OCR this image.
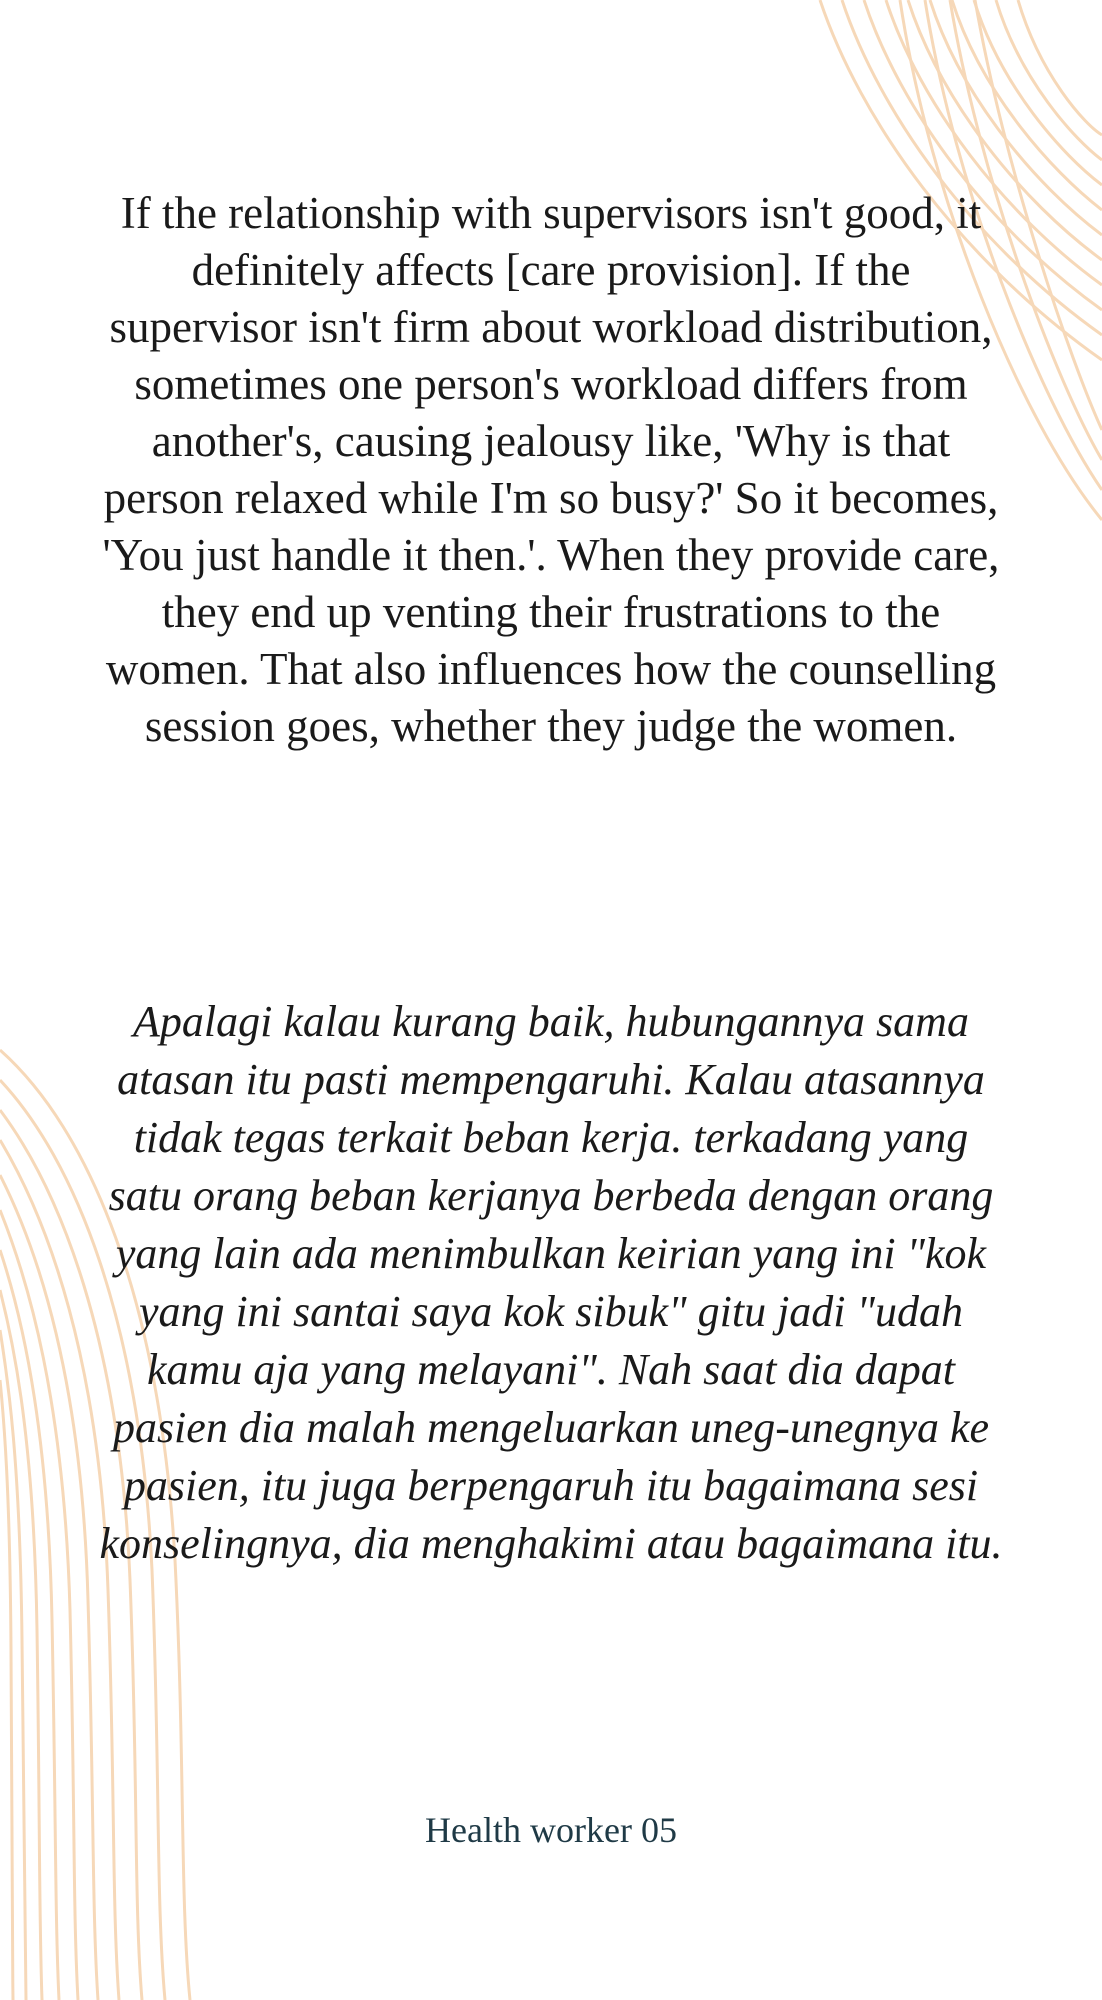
If the relationship with supervisors isn't good, it definitely affects [care provision]. If the supervisor isn't firm about workload distribution, sometimes one person's workload differs from another's, causing jealousy like, 'Why is that person relaxed while I'm so busy?' So it becomes, 'You just handle it then.'. When they provide care, they end up venting their frustrations to the women. That also influences how the counselling session goes, whether they judge the women.

Apalagi kalau kurang baik, hubungannya sama atasan itu pasti mempengaruhi. Kalau atasannya tidak tegas terkait beban kerja. terkadang yang satu orang beban kerjanya berbeda dengan orang yang lain ada menimbulkan keirian yang ini "kok yang ini santai saya kok sibuk" gitu jadi "udah kamu aja yang melayani". Nah saat dia dapat pasien dia malah mengeluarkan uneg-unegnya ke pasien, itu juga berpengaruh itu bagaimana sesi konselingnya, dia menghakimi atau bagaimana itu.

Health worker 05
